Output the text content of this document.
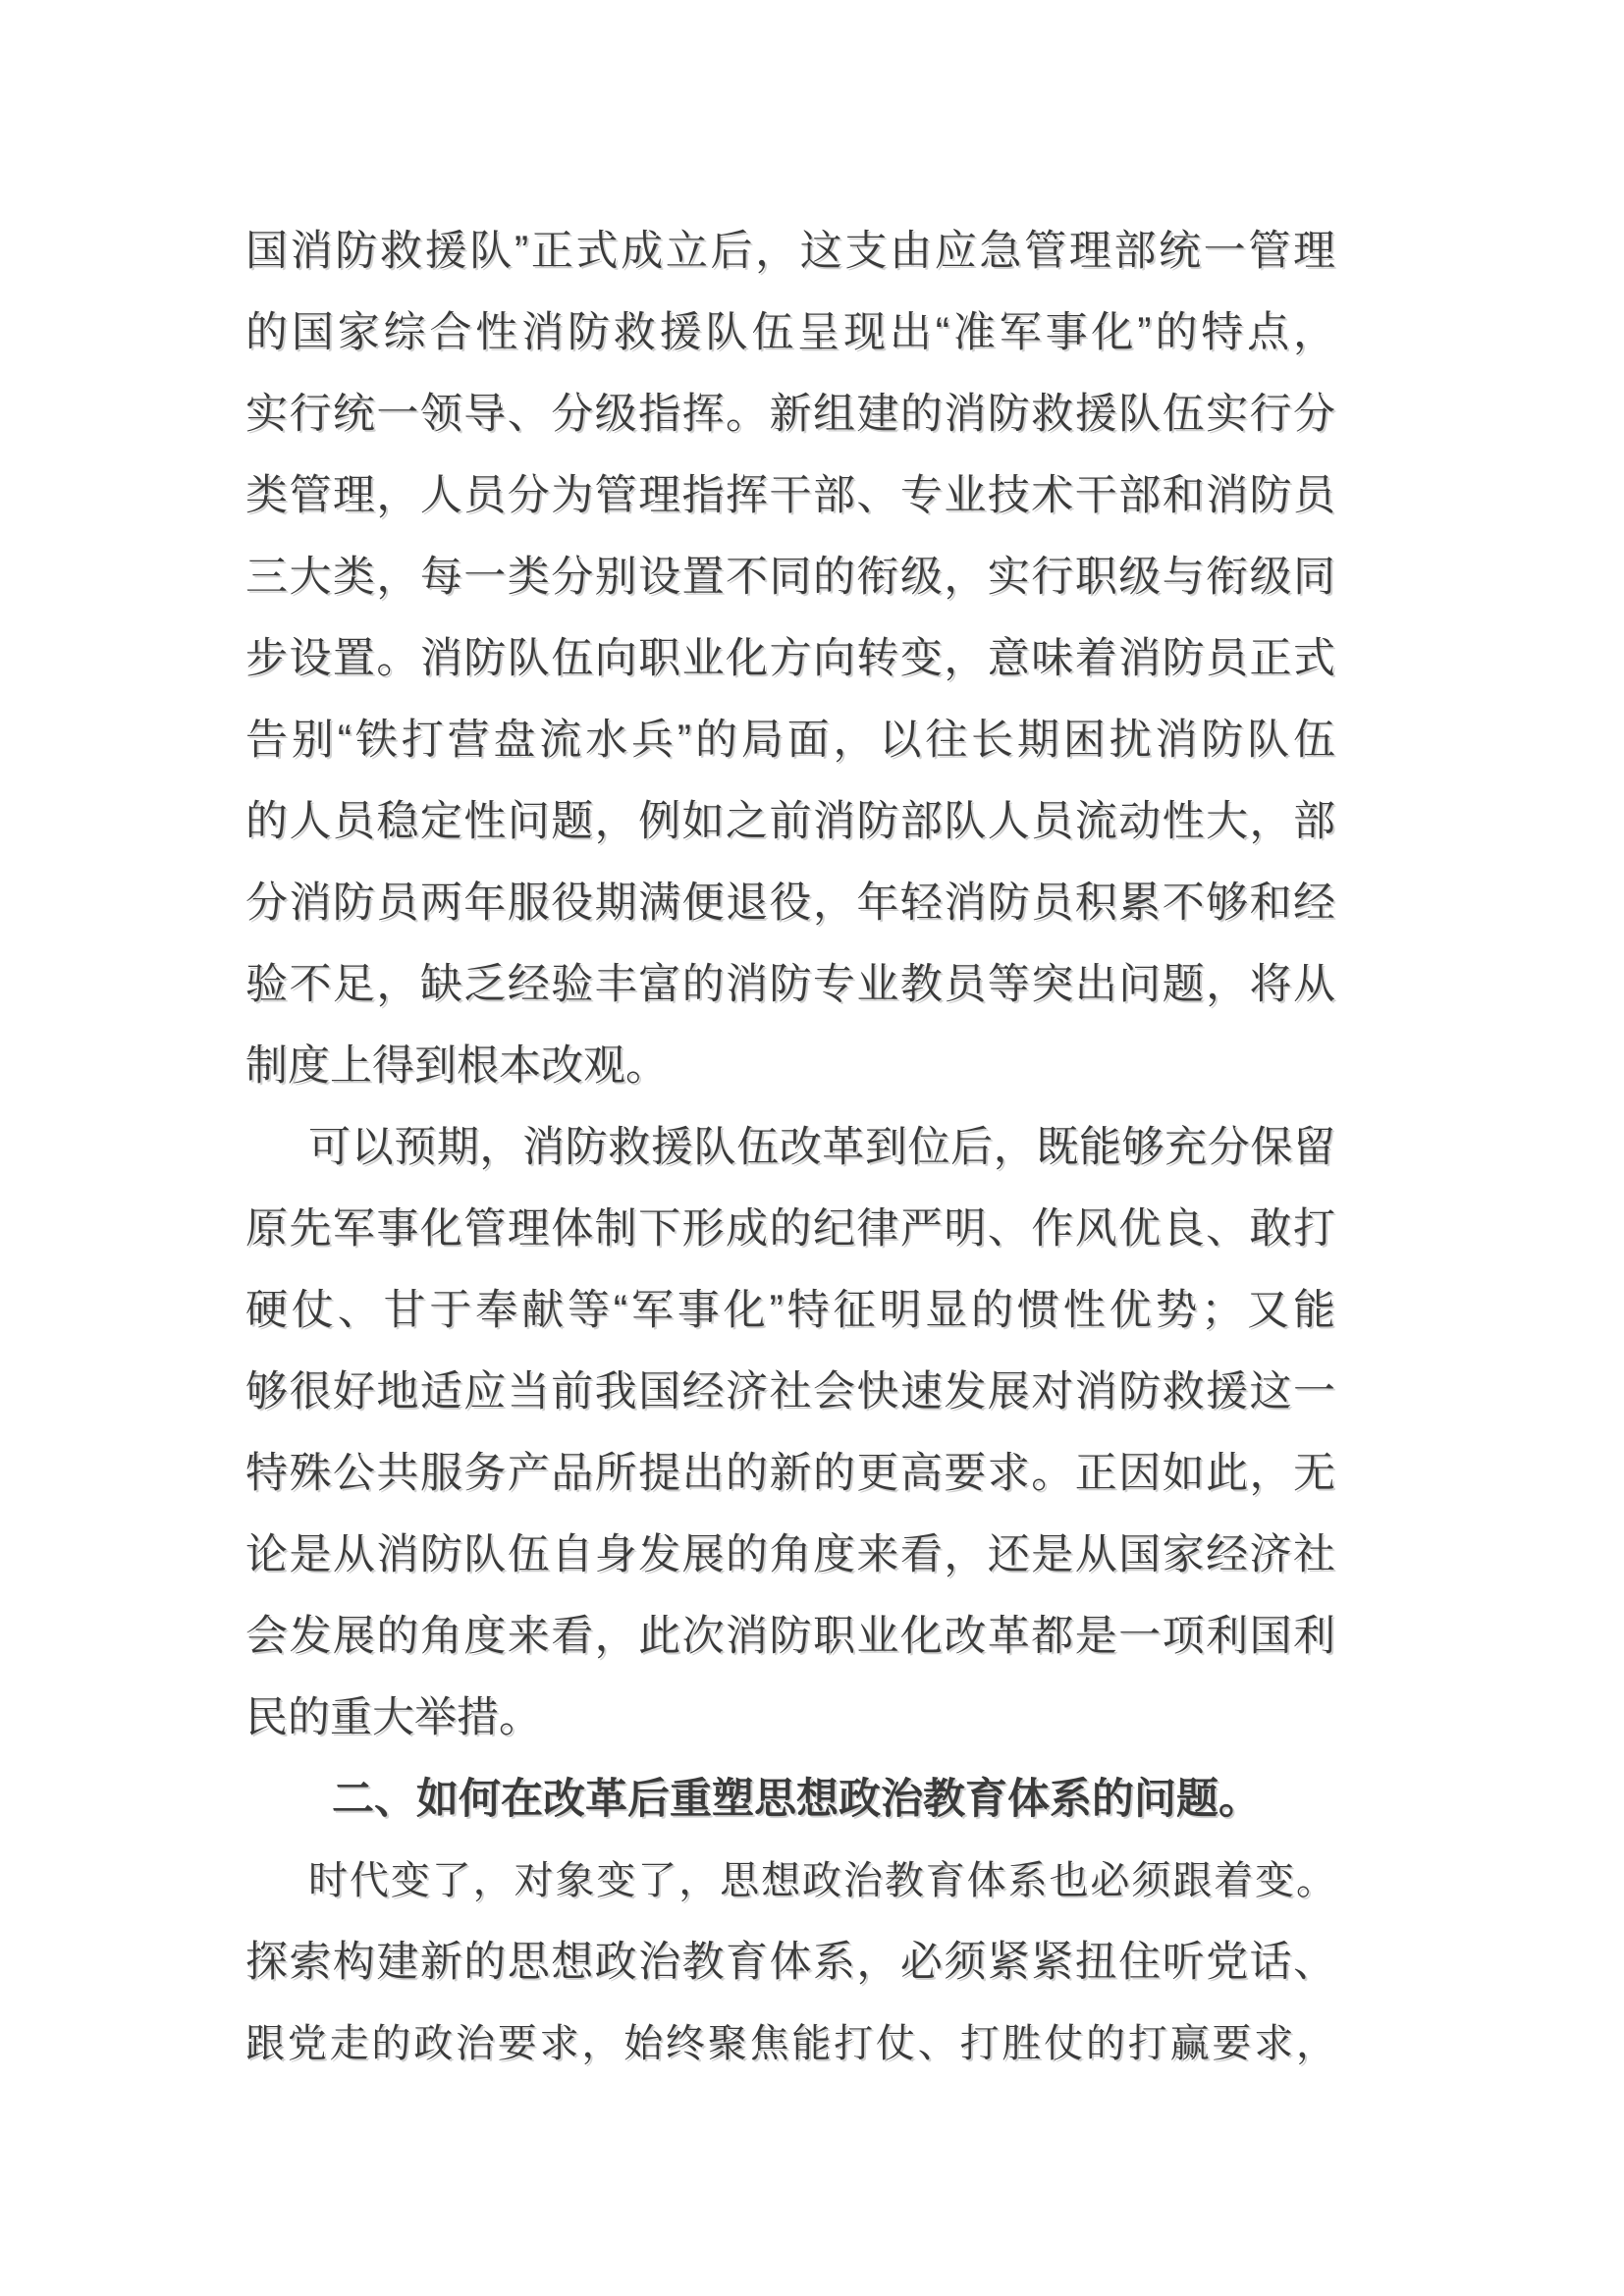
国消防救援队”正式成立后，这支由应急管理部统一管理
的国家综合性消防救援队伍呈现出“准军事化”的特点，
实行统一领导、分级指挥。新组建的消防救援队伍实行分
类管理，人员分为管理指挥干部、专业技术干部和消防员
三大类，每一类分别设置不同的衔级，实行职级与衔级同
步设置。消防队伍向职业化方向转变，意味着消防员正式
告别“铁打营盘流水兵”的局面，以往长期困扰消防队伍
的人员稳定性问题，例如之前消防部队人员流动性大，部
分消防员两年服役期满便退役，年轻消防员积累不够和经
验不足，缺乏经验丰富的消防专业教员等突出问题，将从
制度上得到根本改观。
可以预期，消防救援队伍改革到位后，既能够充分保留
原先军事化管理体制下形成的纪律严明、作风优良、敢打
硬仗、甘于奉献等“军事化”特征明显的惯性优势；又能
够很好地适应当前我国经济社会快速发展对消防救援这一
特殊公共服务产品所提出的新的更高要求。正因如此，无
论是从消防队伍自身发展的角度来看，还是从国家经济社
会发展的角度来看，此次消防职业化改革都是一项利国利
民的重大举措。
二、如何在改革后重塑思想政治教育体系的问题。
时代变了，对象变了，思想政治教育体系也必须跟着变。
探索构建新的思想政治教育体系，必须紧紧扭住听党话、
跟党走的政治要求，始终聚焦能打仗、打胜仗的打赢要求，
